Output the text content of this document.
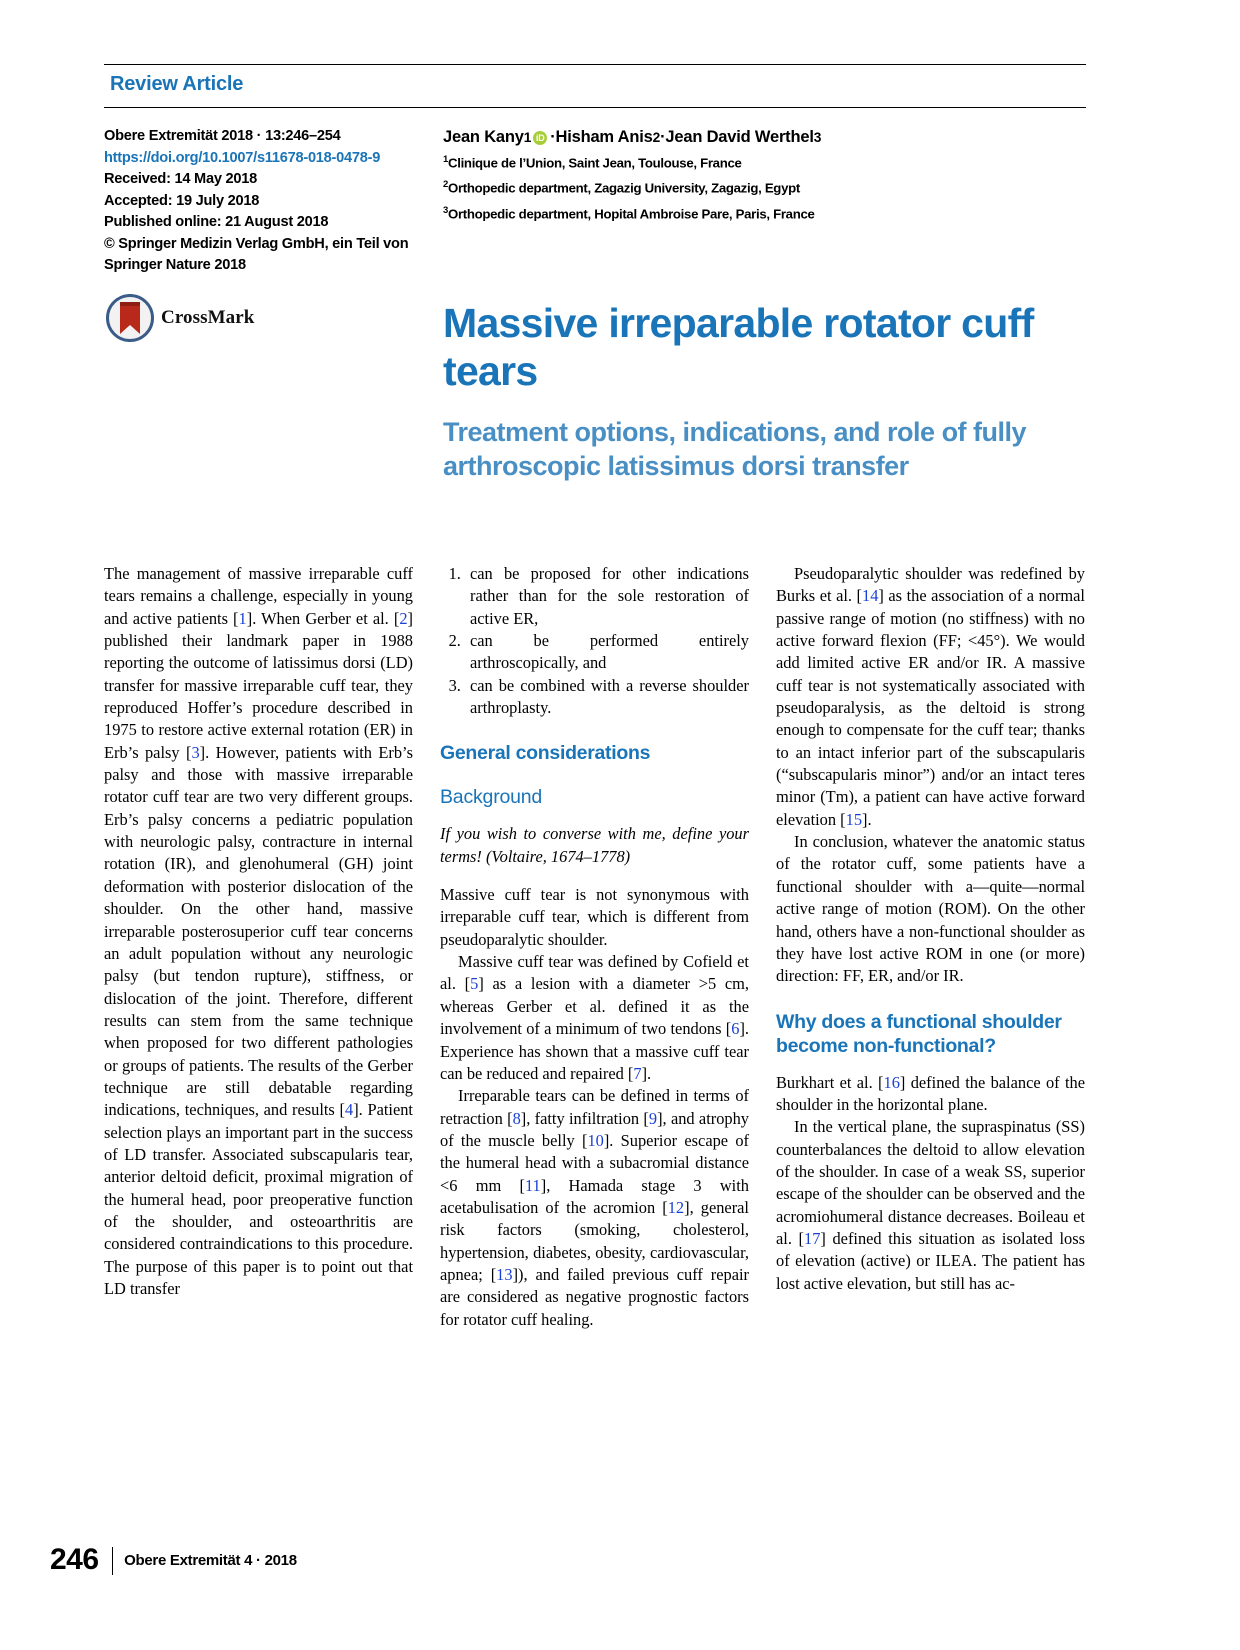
Review Article
Obere Extremität 2018 · 13:246–254
https://doi.org/10.1007/s11678-018-0478-9
Received: 14 May 2018
Accepted: 19 July 2018
Published online: 21 August 2018
© Springer Medizin Verlag GmbH, ein Teil von
Springer Nature 2018
CrossMark
Jean Kany 1 iD · Hisham Anis 2 · Jean David Werthel 3
$^1$Clinique de l’Union, Saint Jean, Toulouse, France
$^2$Orthopedic department, Zagazig University, Zagazig, Egypt
$^3$Orthopedic department, Hopital Ambroise Pare, Paris, France
Massive irreparable rotator cuff tears
Treatment options, indications, and role of fully arthroscopic latissimus dorsi transfer

The management of massive irreparable cuff tears remains a challenge, especially in young and active patients [1]. When Gerber et al. [2] published their landmark paper in 1988 reporting the outcome of latissimus dorsi (LD) transfer for massive irreparable cuff tear, they reproduced Hoffer’s procedure described in 1975 to restore active external rotation (ER) in Erb’s palsy [3]. However, patients with Erb’s palsy and those with massive irreparable rotator cuff tear are two very different groups. Erb’s palsy concerns a pediatric population with neurologic palsy, contracture in internal rotation (IR), and glenohumeral (GH) joint deformation with posterior dislocation of the shoulder. On the other hand, massive irreparable posterosuperior cuff tear concerns an adult population without any neurologic palsy (but tendon rupture), stiffness, or dislocation of the joint. Therefore, different results can stem from the same technique when proposed for two different pathologies or groups of patients. The results of the Gerber technique are still debatable regarding indications, techniques, and results [4]. Patient selection plays an important part in the success of LD transfer. Associated subscapularis tear, anterior deltoid deficit, proximal migration of the humeral head, poor preoperative function of the shoulder, and osteoarthritis are considered contraindications to this procedure. The purpose of this paper is to point out that LD transfer

1. can be proposed for other indications rather than for the sole restoration of active ER,
2. can be performed entirely arthroscopically, and
3. can be combined with a reverse shoulder arthroplasty.
General considerations
Background

If you wish to converse with me, define your terms! (Voltaire, 1674–1778)

Massive cuff tear is not synonymous with irreparable cuff tear, which is different from pseudoparalytic shoulder.

Massive cuff tear was defined by Cofield et al. [5] as a lesion with a diameter >5 cm, whereas Gerber et al. defined it as the involvement of a minimum of two tendons [6]. Experience has shown that a massive cuff tear can be reduced and repaired [7].

Irreparable tears can be defined in terms of retraction [8], fatty infiltration [9], and atrophy of the muscle belly [10]. Superior escape of the humeral head with a subacromial distance <6 mm [11], Hamada stage 3 with acetabulisation of the acromion [12], general risk factors (smoking, cholesterol, hypertension, diabetes, obesity, cardiovascular, apnea; [13]), and failed previous cuff repair are considered as negative prognostic factors for rotator cuff healing.

Pseudoparalytic shoulder was redefined by Burks et al. [14] as the association of a normal passive range of motion (no stiffness) with no active forward flexion (FF; <45°). We would add limited active ER and/or IR. A massive cuff tear is not systematically associated with pseudoparalysis, as the deltoid is strong enough to compensate for the cuff tear; thanks to an intact inferior part of the subscapularis (“subscapularis minor”) and/or an intact teres minor (Tm), a patient can have active forward elevation [15].

In conclusion, whatever the anatomic status of the rotator cuff, some patients have a functional shoulder with a—quite—normal active range of motion (ROM). On the other hand, others have a non-functional shoulder as they have lost active ROM in one (or more) direction: FF, ER, and/or IR.

Why does a functional shoulder become non-functional?

Burkhart et al. [16] defined the balance of the shoulder in the horizontal plane.

In the vertical plane, the supraspinatus (SS) counterbalances the deltoid to allow elevation of the shoulder. In case of a weak SS, superior escape of the shoulder can be observed and the acromiohumeral distance decreases. Boileau et al. [17] defined this situation as isolated loss of elevation (active) or ILEA. The patient has lost active elevation, but still has ac-

246 Obere Extremität 4 · 2018
